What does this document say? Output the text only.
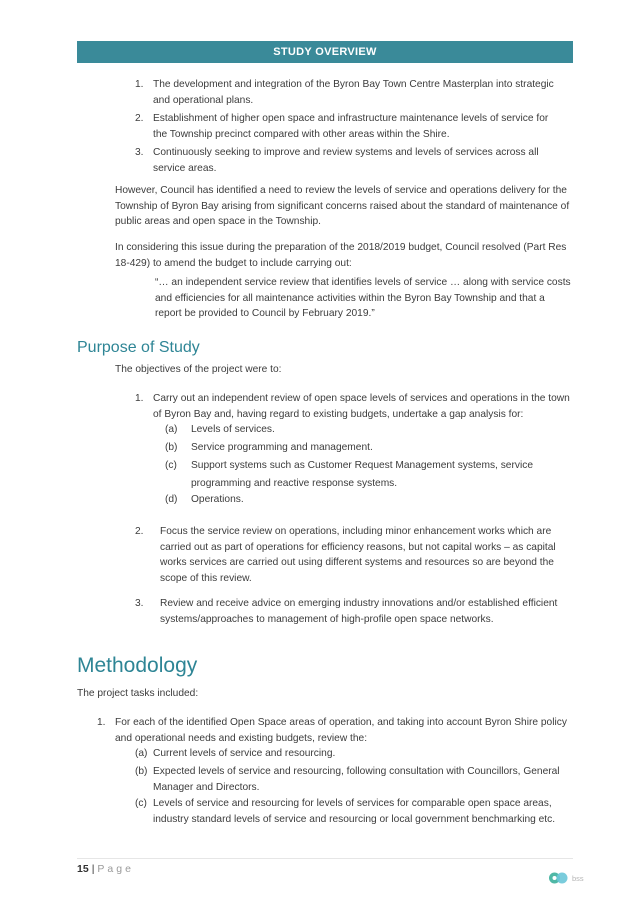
STUDY OVERVIEW
1. The development and integration of the Byron Bay Town Centre Masterplan into strategic and operational plans.
2. Establishment of higher open space and infrastructure maintenance levels of service for the Township precinct compared with other areas within the Shire.
3. Continuously seeking to improve and review systems and levels of services across all service areas.
However, Council has identified a need to review the levels of service and operations delivery for the Township of Byron Bay arising from significant concerns raised about the standard of maintenance of public areas and open space in the Township.
In considering this issue during the preparation of the 2018/2019 budget, Council resolved (Part Res 18-429) to amend the budget to include carrying out:
“… an independent service review that identifies levels of service … along with service costs and efficiencies for all maintenance activities within the Byron Bay Township and that a report be provided to Council by February 2019.”
Purpose of Study
The objectives of the project were to:
1. Carry out an independent review of open space levels of services and operations in the town of Byron Bay and, having regard to existing budgets, undertake a gap analysis for:
(a) Levels of services.
(b) Service programming and management.
(c) Support systems such as Customer Request Management systems, service programming and reactive response systems.
(d) Operations.
2. Focus the service review on operations, including minor enhancement works which are carried out as part of operations for efficiency reasons, but not capital works – as capital works services are carried out using different systems and resources so are beyond the scope of this review.
3. Review and receive advice on emerging industry innovations and/or established efficient systems/approaches to management of high-profile open space networks.
Methodology
The project tasks included:
1. For each of the identified Open Space areas of operation, and taking into account Byron Shire policy and operational needs and existing budgets, review the:
(a) Current levels of service and resourcing.
(b) Expected levels of service and resourcing, following consultation with Councillors, General Manager and Directors.
(c) Levels of service and resourcing for levels of services for comparable open space areas, industry standard levels of service and resourcing or local government benchmarking etc.
15 | Page
bss
